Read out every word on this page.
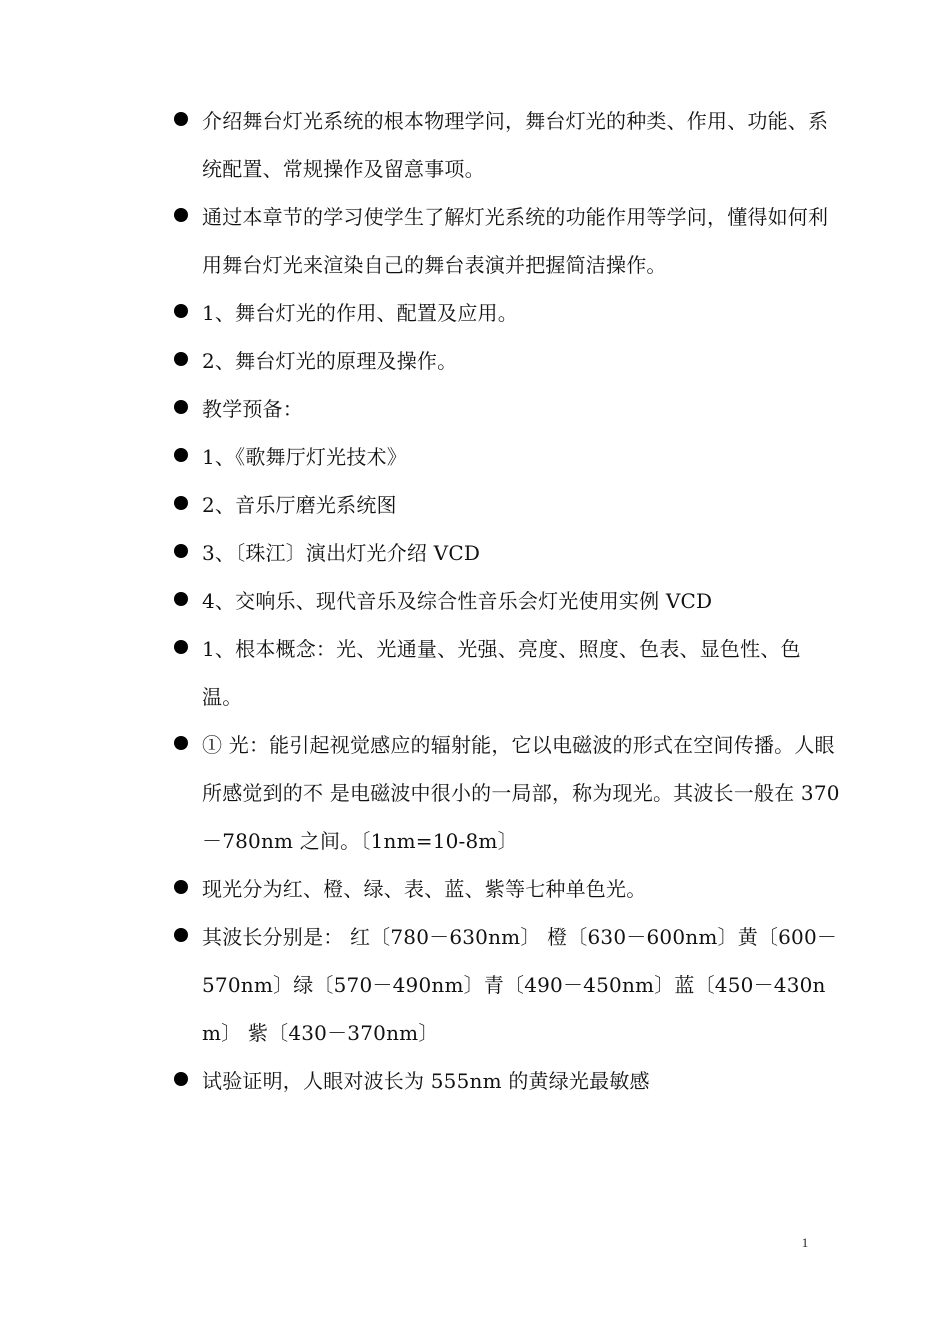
介绍舞台灯光系统的根本物理学问，舞台灯光的种类、作用、功能、系统配置、常规操作及留意事项。
通过本章节的学习使学生了解灯光系统的功能作用等学问，懂得如何利用舞台灯光来渲染自己的舞台表演并把握简洁操作。
1、舞台灯光的作用、配置及应用。
2、舞台灯光的原理及操作。
教学预备：
1、《歌舞厅灯光技术》
2、音乐厅磨光系统图
3、〔珠江〕演出灯光介绍 VCD
4、交响乐、现代音乐及综合性音乐会灯光使用实例 VCD
1、根本概念：光、光通量、光强、亮度、照度、色表、显色性、色温。
① 光：能引起视觉感应的辐射能，它以电磁波的形式在空间传播。人眼所感觉到的不 是电磁波中很小的一局部，称为现光。其波长一般在 370－780nm 之间。〔1nm=10-8m〕
现光分为红、橙、绿、表、蓝、紫等七种单色光。
其波长分别是： 红〔780－630nm〕 橙〔630－600nm〕黄〔600－570nm〕绿〔570－490nm〕青〔490－450nm〕蓝〔450－430nm〕 紫〔430－370nm〕
试验证明，人眼对波长为 555nm 的黄绿光最敏感
1
